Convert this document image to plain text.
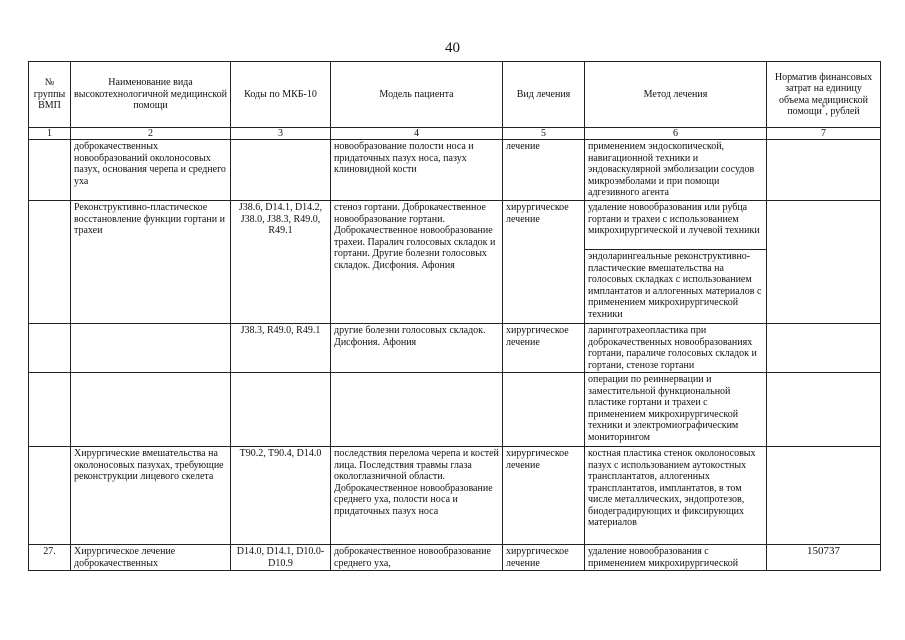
40
№ группы ВМП	Наименование вида высокотехнологичной медицинской помощи	Коды по МКБ-10	Модель пациента	Вид лечения	Метод лечения	Норматив финансовых затрат на единицу объема медицинской помощи*, рублей
1	2	3	4	5	6	7
	доброкачественных новообразований околоносовых пазух, основания черепа и среднего уха		новообразование полости носа и придаточных пазух носа, пазух клиновидной кости	лечение	применением эндоскопической, навигационной техники и эндоваскулярной эмболизации сосудов микроэмболами и при помощи адгезивного агента	
	Реконструктивно-пластическое восстановление функции гортани и трахеи	J38.6, D14.1, D14.2, J38.0, J38.3, R49.0, R49.1	стеноз гортани. Доброкачественное новообразование гортани. Доброкачественное новообразование трахеи. Паралич голосовых складок и гортани. Другие болезни голосовых складок. Дисфония. Афония	хирургическое лечение	удаление новообразования или рубца гортани и трахеи с использованием микрохирургической и лучевой техники	
					эндоларингеальные реконструктивно-пластические вмешательства на голосовых складках с использованием имплантатов и аллогенных материалов с применением микрохирургической техники	
		J38.3, R49.0, R49.1	другие болезни голосовых складок. Дисфония. Афония	хирургическое лечение	ларинготрахеопластика при доброкачественных новообразованиях гортани, параличе голосовых складок и гортани, стенозе гортани	
					операции по реиннервации и заместительной функциональной пластике гортани и трахеи с применением микрохирургической техники и электромиографическим мониторингом	
	Хирургические вмешательства на околоносовых пазухах, требующие реконструкции лицевого скелета	T90.2, T90.4, D14.0	последствия перелома черепа и костей лица. Последствия травмы глаза окологлазничной области. Доброкачественное новообразование среднего уха, полости носа и придаточных пазух носа	хирургическое лечение	костная пластика стенок околоносовых пазух с использованием аутокостных трансплантатов, аллогенных трансплантатов, имплантатов, в том числе металлических, эндопротезов, биодеградирующих и фиксирующих материалов	
27.	Хирургическое лечение доброкачественных	D14.0, D14.1, D10.0-D10.9	доброкачественное новообразование среднего уха,	хирургическое лечение	удаление новообразования с применением микрохирургической	150737
